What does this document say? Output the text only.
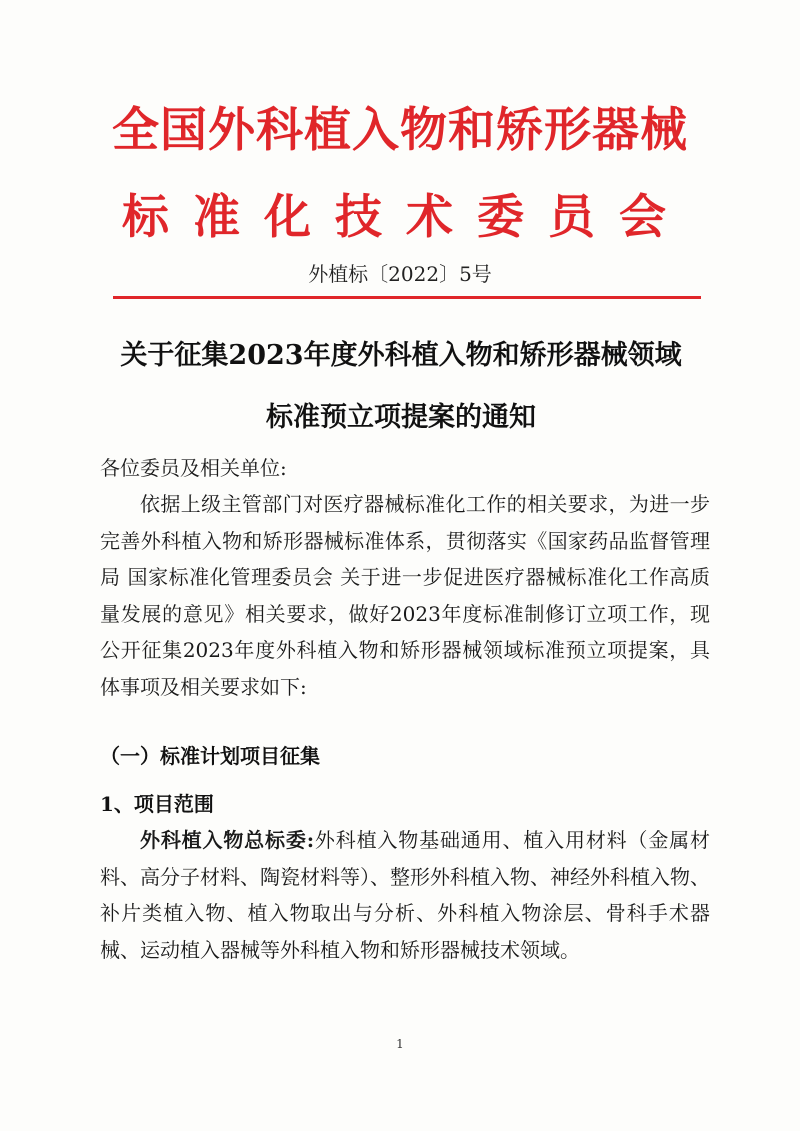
全国外科植入物和矫形器械
标准化技术委员会
外植标〔2022〕5号
关于征集2023年度外科植入物和矫形器械领域
标准预立项提案的通知
各位委员及相关单位:
依据上级主管部门对医疗器械标准化工作的相关要求，为进一步完善外科植入物和矫形器械标准体系，贯彻落实《国家药品监督管理局 国家标准化管理委员会 关于进一步促进医疗器械标准化工作高质量发展的意见》相关要求，做好2023年度标准制修订立项工作，现公开征集2023年度外科植入物和矫形器械领域标准预立项提案，具体事项及相关要求如下:
（一）标准计划项目征集
1、项目范围
外科植入物总标委:外科植入物基础通用、植入用材料（金属材料、高分子材料、陶瓷材料等）、整形外科植入物、神经外科植入物、补片类植入物、植入物取出与分析、外科植入物涂层、骨科手术器械、运动植入器械等外科植入物和矫形器械技术领域。
1
